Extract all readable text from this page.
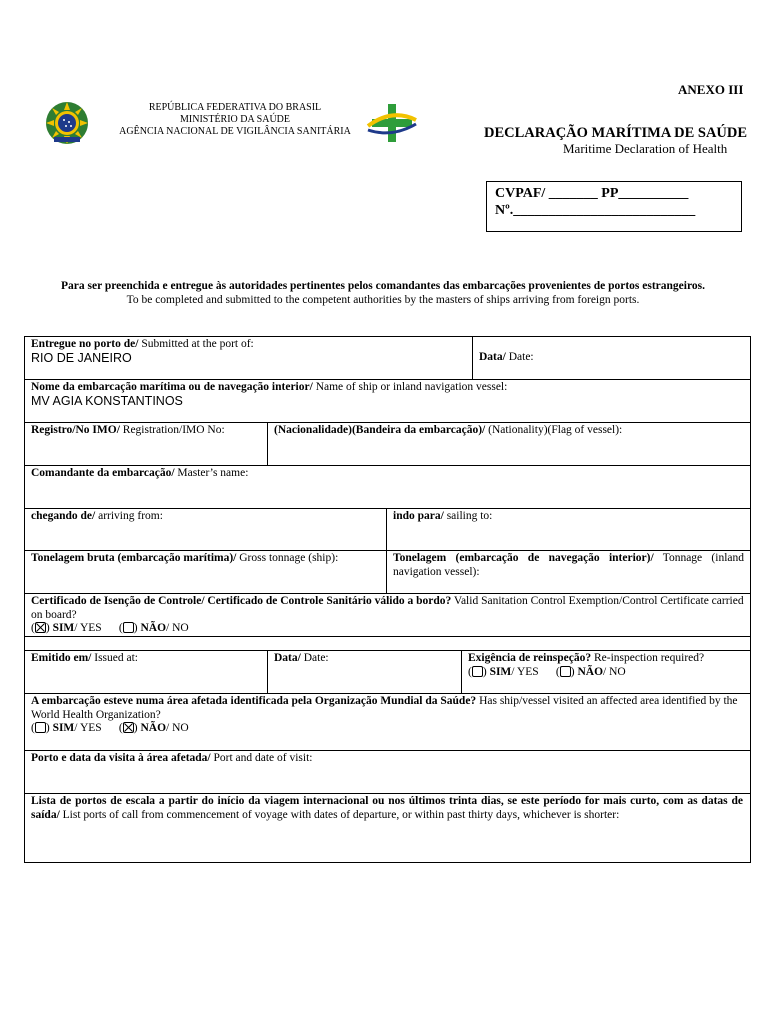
ANEXO III
REPÚBLICA FEDERATIVA DO BRASIL
MINISTÉRIO DA SAÚDE
AGÊNCIA NACIONAL DE VIGILÂNCIA SANITÁRIA	DECLARAÇÃO MARÍTIMA DE SAÚDE
Maritime Declaration of Health
CVPAF/ _______ PP__________
Nº.__________________________
Para ser preenchida e entregue às autoridades pertinentes pelos comandantes das embarcações provenientes de portos estrangeiros.
To be completed and submitted to the competent authorities by the masters of ships arriving from foreign ports.
Entregue no porto de/ Submitted at the port of:
RIO DE JANEIRO	Data/ Date:
Nome da embarcação marítima ou de navegação interior/ Name of ship or inland navigation vessel:
MV AGIA KONSTANTINOS
Registro/No IMO/ Registration/IMO No:	(Nacionalidade)(Bandeira da embarcação)/ (Nationality)(Flag of vessel):
Comandante da embarcação/ Master’s name:
chegando de/ arriving from:	indo para/ sailing to:
Tonelagem bruta (embarcação marítima)/ Gross tonnage (ship):	Tonelagem (embarcação de navegação interior)/ Tonnage (inland navigation vessel):
Certificado de Isenção de Controle/ Certificado de Controle Sanitário válido a bordo? Valid Sanitation Control Exemption/Control Certificate carried on board?
( ) SIM/ YES      ( ) NÃO/ NO
Emitido em/ Issued at:	Data/ Date:	Exigência de reinspeção? Re-inspection required?
( ) SIM/ YES      ( ) NÃO/ NO
A embarcação esteve numa área afetada identificada pela Organização Mundial da Saúde? Has ship/vessel visited an affected area identified by the World Health Organization?
( ) SIM/ YES      ( ) NÃO/ NO
Porto e data da visita à área afetada/ Port and date of visit:
Lista de portos de escala a partir do início da viagem internacional ou nos últimos trinta dias, se este período for mais curto, com as datas de saída/ List ports of call from commencement of voyage with dates of departure, or within past thirty days, whichever is shorter:
